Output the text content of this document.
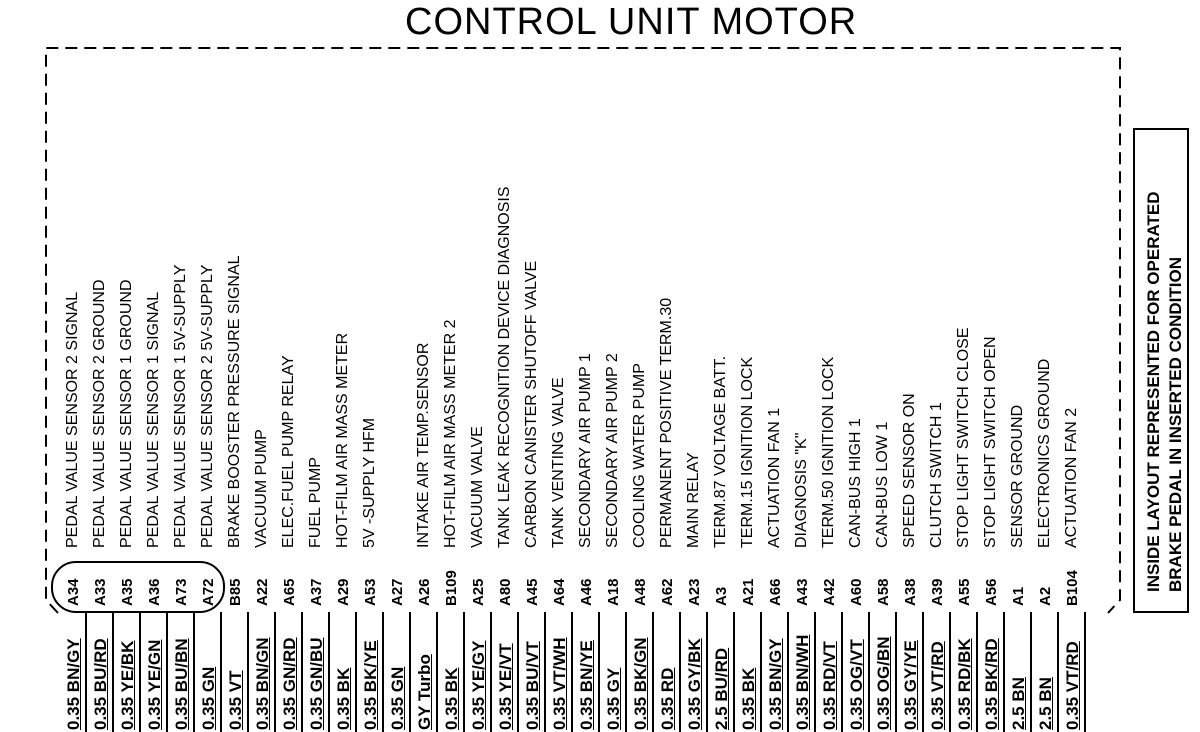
CONTROL UNIT MOTOR
PEDAL VALUE SENSOR 2 SIGNAL
A34
0.35 BN/GY
PEDAL VALUE SENSOR 2 GROUND
A33
0.35 BU/RD
PEDAL VALUE SENSOR 1 GROUND
A35
0.35 YE/BK
PEDAL VALUE SENSOR 1 SIGNAL
A36
0.35 YE/GN
PEDAL VALUE SENSOR 1 5V-SUPPLY
A73
0.35 BU/BN
PEDAL VALUE SENSOR 2 5V-SUPPLY
A72
0.35 GN
BRAKE BOOSTER PRESSURE SIGNAL
B85
0.35 VT
VACUUM PUMP
A22
0.35 BN/GN
ELEC.FUEL PUMP RELAY
A65
0.35 GN/RD
FUEL PUMP
A37
0.35 GN/BU
HOT-FILM AIR MASS METER
A29
0.35 BK
5V -SUPPLY HFM
A53
0.35 BK/YE
A27
0.35 GN
INTAKE AIR TEMP.SENSOR
A26
GY Turbo
HOT-FILM AIR MASS METER 2
B109
0.35 BK
VACUUM VALVE
A25
0.35 YE/GY
TANK LEAK RECOGNITION DEVICE DIAGNOSIS
A80
0.35 YE/VT
CARBON CANISTER SHUTOFF VALVE
A45
0.35 BU/VT
TANK VENTING VALVE
A64
0.35 VT/WH
SECONDARY AIR PUMP 1
A46
0.35 BN/YE
SECONDARY AIR PUMP 2
A18
0.35 GY
COOLING WATER PUMP
A48
0.35 BK/GN
PERMANENT POSITIVE TERM.30
A62
0.35 RD
MAIN RELAY
A23
0.35 GY/BK
TERM.87 VOLTAGE BATT.
A3
2.5 BU/RD
TERM.15 IGNITION LOCK
A21
0.35 BK
ACTUATION FAN 1
A66
0.35 BN/GY
DIAGNOSIS "K"
A43
0.35 BN/WH
TERM.50 IGNITION LOCK
A42
0.35 RD/VT
CAN-BUS HIGH 1
A60
0.35 OG/VT
CAN-BUS LOW 1
A58
0.35 OG/BN
SPEED SENSOR ON
A38
0.35 GY/YE
CLUTCH SWITCH 1
A39
0.35 VT/RD
STOP LIGHT SWITCH CLOSE
A55
0.35 RD/BK
STOP LIGHT SWITCH OPEN
A56
0.35 BK/RD
SENSOR GROUND
A1
2.5 BN
ELECTRONICS GROUND
A2
2.5 BN
ACTUATION FAN 2
B104
0.35 VT/RD
INSIDE LAYOUT REPRESENTED FOR OPERATED BRAKE PEDAL IN INSERTED CONDITION
